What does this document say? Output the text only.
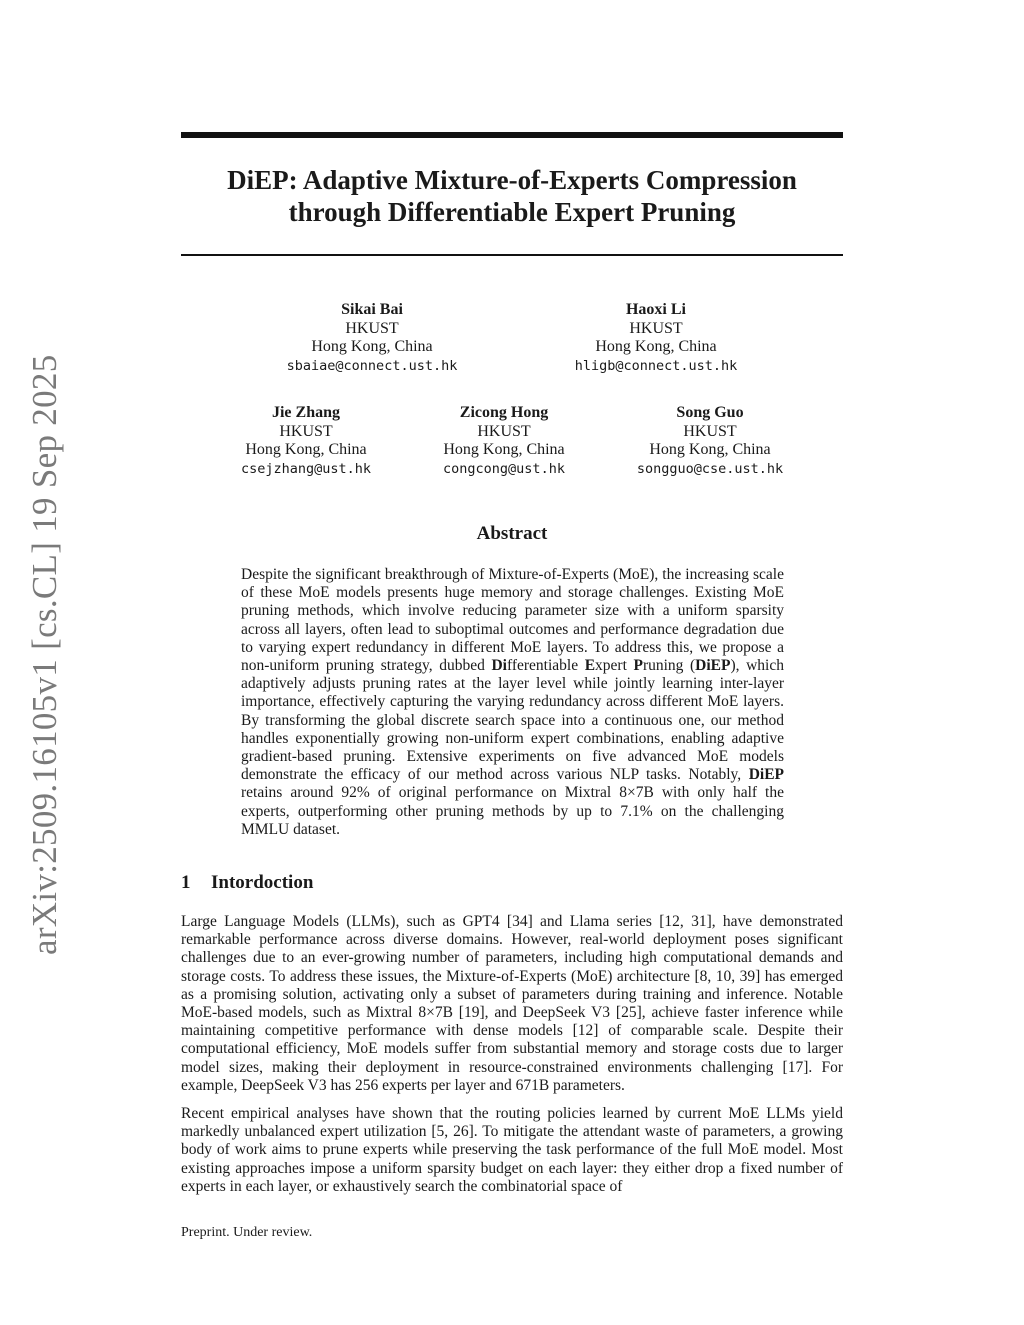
DiEP: Adaptive Mixture-of-Experts Compression through Differentiable Expert Pruning
arXiv:2509.16105v1 [cs.CL] 19 Sep 2025
Sikai Bai
HKUST
Hong Kong, China
sbaiae@connect.ust.hk
Haoxi Li
HKUST
Hong Kong, China
hligb@connect.ust.hk
Jie Zhang
HKUST
Hong Kong, China
csejzhang@ust.hk
Zicong Hong
HKUST
Hong Kong, China
congcong@ust.hk
Song Guo
HKUST
Hong Kong, China
songguo@cse.ust.hk
Abstract
Despite the significant breakthrough of Mixture-of-Experts (MoE), the increasing scale of these MoE models presents huge memory and storage challenges. Existing MoE pruning methods, which involve reducing parameter size with a uniform sparsity across all layers, often lead to suboptimal outcomes and performance degradation due to varying expert redundancy in different MoE layers. To address this, we propose a non-uniform pruning strategy, dubbed Differentiable Expert Pruning (DiEP), which adaptively adjusts pruning rates at the layer level while jointly learning inter-layer importance, effectively capturing the varying redundancy across different MoE layers. By transforming the global discrete search space into a continuous one, our method handles exponentially growing non-uniform expert combinations, enabling adaptive gradient-based pruning. Extensive experiments on five advanced MoE models demonstrate the efficacy of our method across various NLP tasks. Notably, DiEP retains around 92% of original performance on Mixtral 8×7B with only half the experts, outperforming other pruning methods by up to 7.1% on the challenging MMLU dataset.
1 Intordoction
Large Language Models (LLMs), such as GPT4 [34] and Llama series [12, 31], have demonstrated remarkable performance across diverse domains. However, real-world deployment poses significant challenges due to an ever-growing number of parameters, including high computational demands and storage costs. To address these issues, the Mixture-of-Experts (MoE) architecture [8, 10, 39] has emerged as a promising solution, activating only a subset of parameters during training and inference. Notable MoE-based models, such as Mixtral 8×7B [19], and DeepSeek V3 [25], achieve faster inference while maintaining competitive performance with dense models [12] of comparable scale. Despite their computational efficiency, MoE models suffer from substantial memory and storage costs due to larger model sizes, making their deployment in resource-constrained environments challenging [17]. For example, DeepSeek V3 has 256 experts per layer and 671B parameters.
Recent empirical analyses have shown that the routing policies learned by current MoE LLMs yield markedly unbalanced expert utilization [5, 26]. To mitigate the attendant waste of parameters, a growing body of work aims to prune experts while preserving the task performance of the full MoE model. Most existing approaches impose a uniform sparsity budget on each layer: they either drop a fixed number of experts in each layer, or exhaustively search the combinatorial space of
Preprint. Under review.
